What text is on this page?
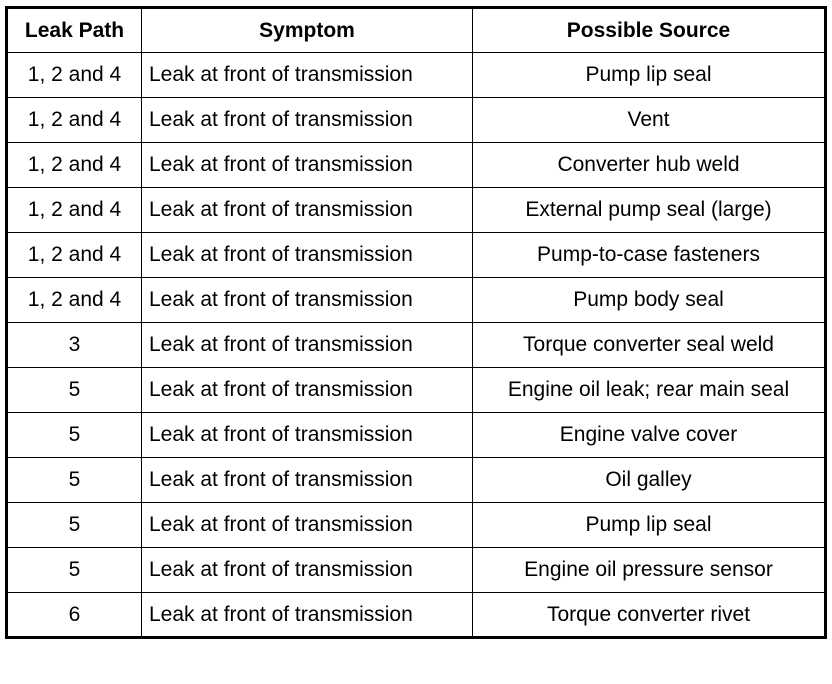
Leak Path	Symptom	Possible Source
1, 2 and 4	Leak at front of transmission	Pump lip seal
1, 2 and 4	Leak at front of transmission	Vent
1, 2 and 4	Leak at front of transmission	Converter hub weld
1, 2 and 4	Leak at front of transmission	External pump seal (large)
1, 2 and 4	Leak at front of transmission	Pump-to-case fasteners
1, 2 and 4	Leak at front of transmission	Pump body seal
3	Leak at front of transmission	Torque converter seal weld
5	Leak at front of transmission	Engine oil leak; rear main seal
5	Leak at front of transmission	Engine valve cover
5	Leak at front of transmission	Oil galley
5	Leak at front of transmission	Pump lip seal
5	Leak at front of transmission	Engine oil pressure sensor
6	Leak at front of transmission	Torque converter rivet
